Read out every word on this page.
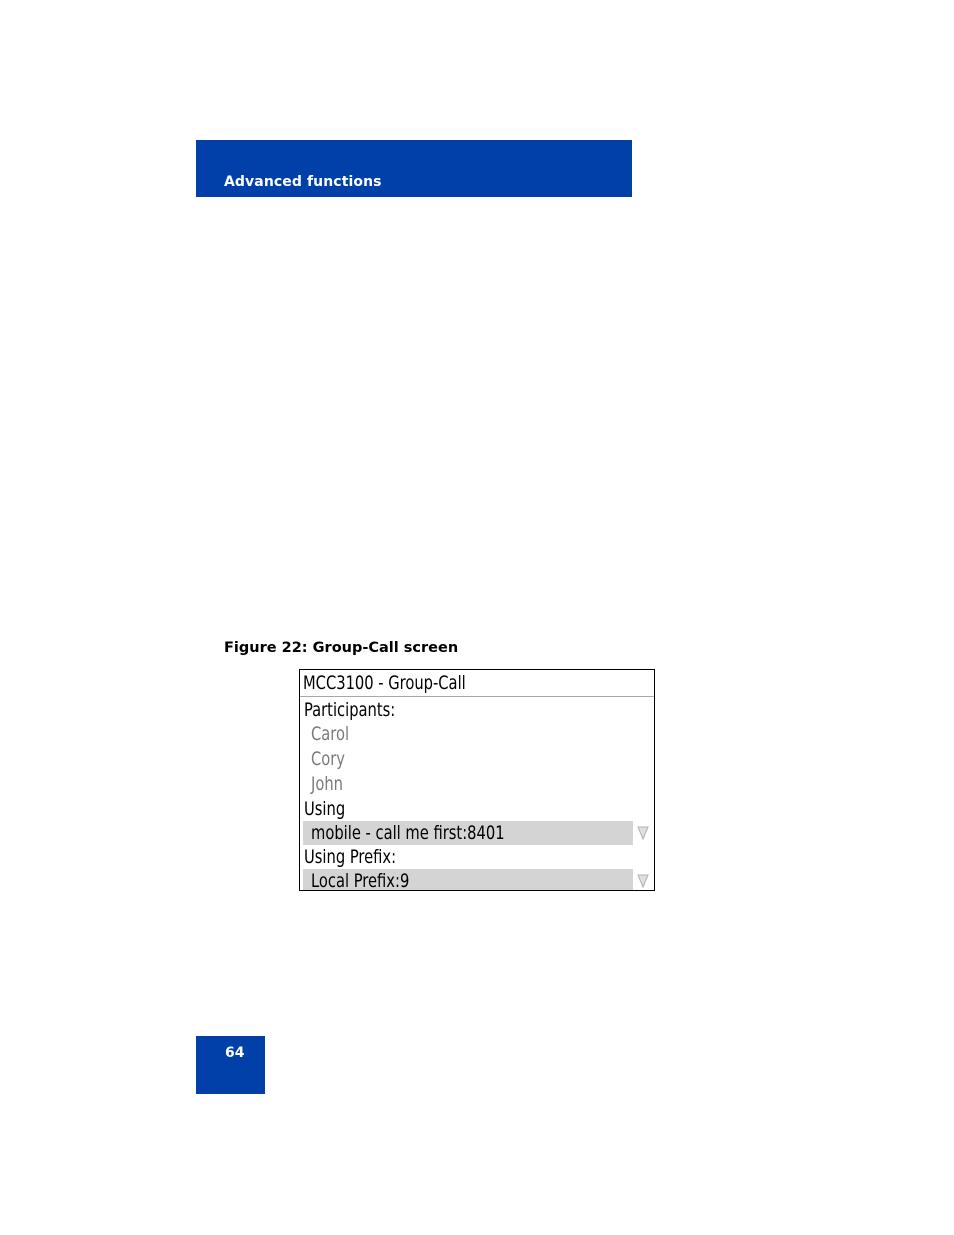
Advanced functions
Figure 22: Group-Call screen
MCC3100 - Group-Call
Participants:
Carol
Cory
John
Using
mobile - call me first:8401
Using Prefix:
Local Prefix:9
64
